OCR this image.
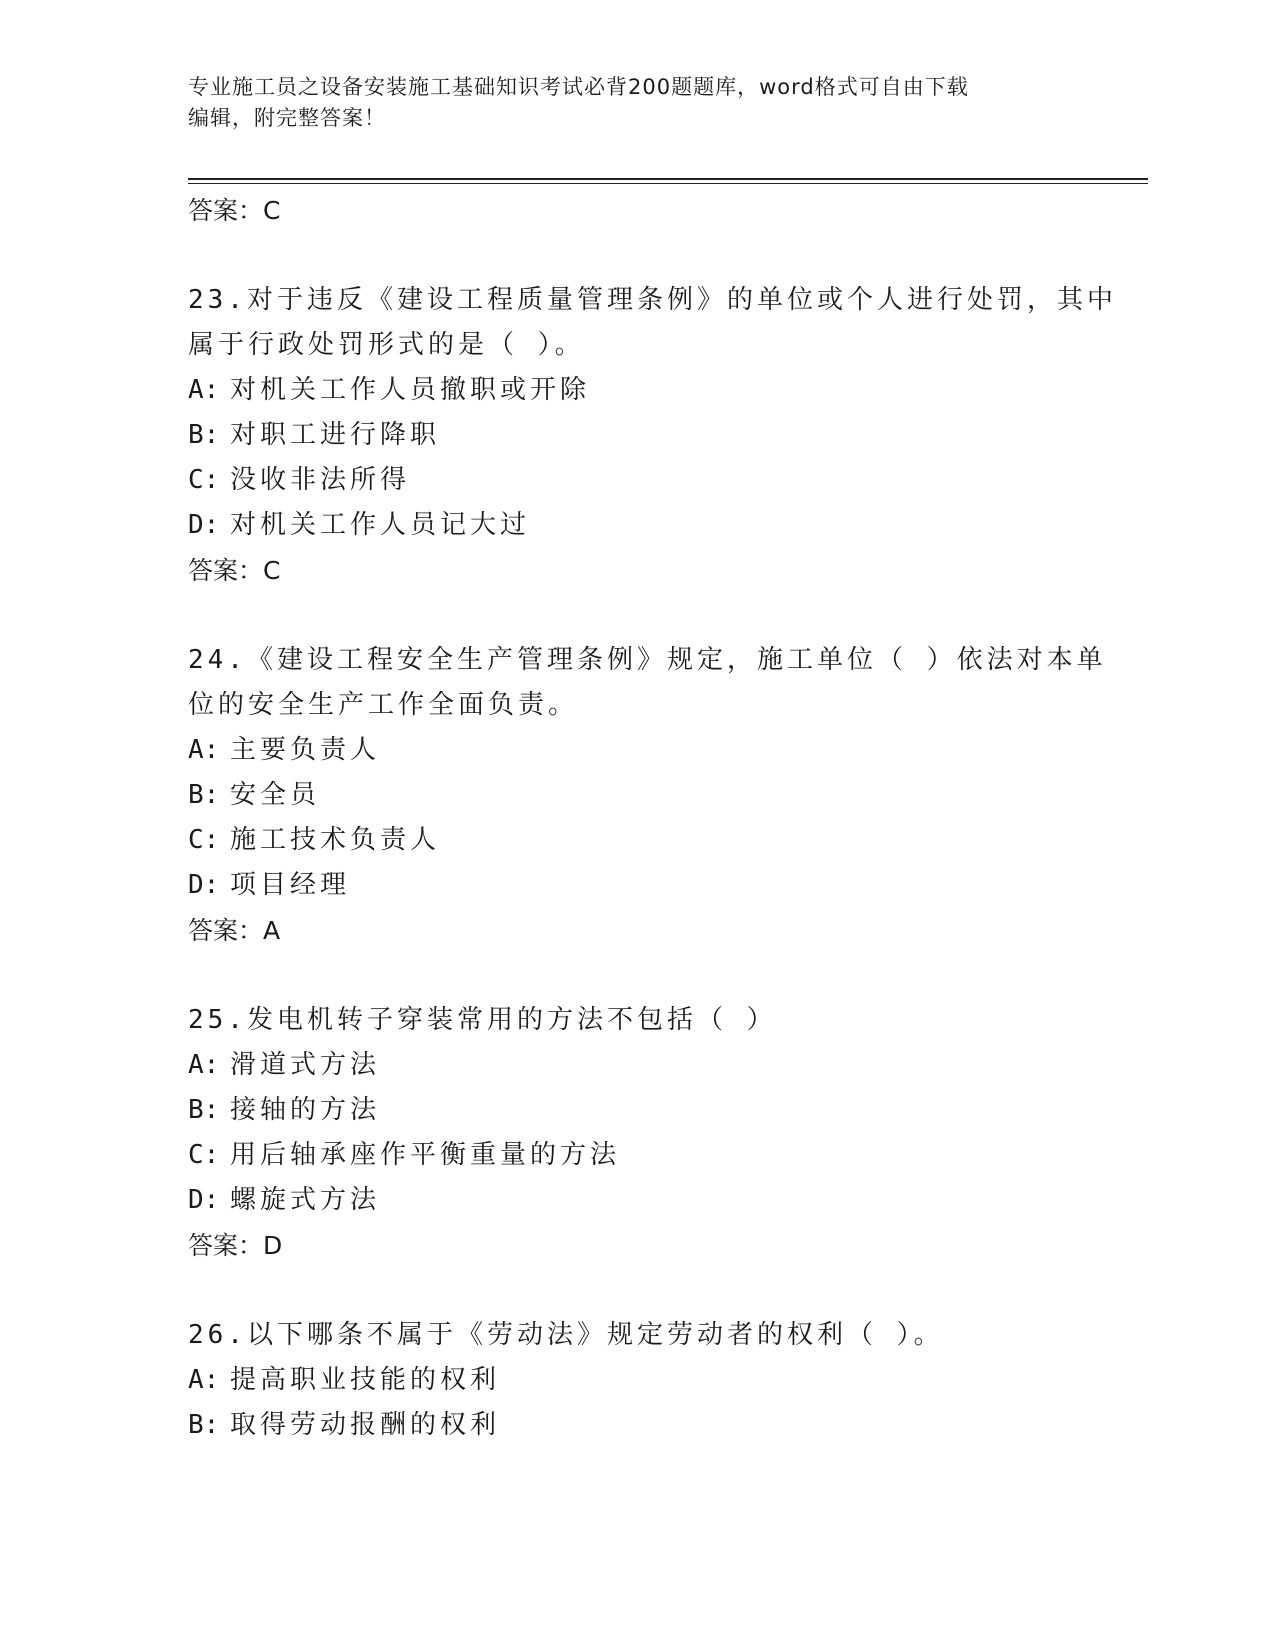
专业施工员之设备安装施工基础知识考试必背200题题库，word格式可自由下载
编辑，附完整答案！
答案：C
23.对于违反《建设工程质量管理条例》的单位或个人进行处罚，其中
属于行政处罚形式的是（ ）。
A: 对机关工作人员撤职或开除
B: 对职工进行降职
C: 没收非法所得
D: 对机关工作人员记大过
答案：C
24.《建设工程安全生产管理条例》规定，施工单位（ ）依法对本单
位的安全生产工作全面负责。
A: 主要负责人
B: 安全员
C: 施工技术负责人
D: 项目经理
答案：A
25.发电机转子穿装常用的方法不包括（ ）
A: 滑道式方法
B: 接轴的方法
C: 用后轴承座作平衡重量的方法
D: 螺旋式方法
答案：D
26.以下哪条不属于《劳动法》规定劳动者的权利（ ）。
A: 提高职业技能的权利
B: 取得劳动报酬的权利
